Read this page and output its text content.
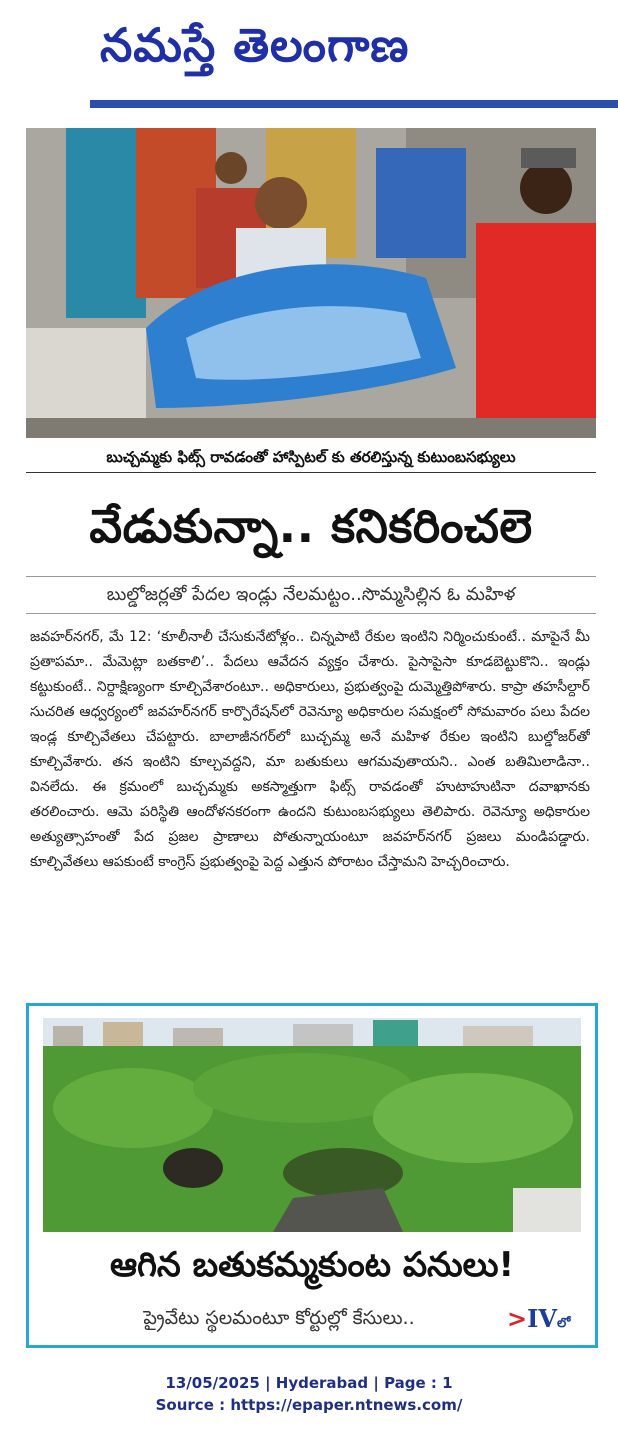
నమస్తే తెలంగాణ
బుచ్చమ్మకు ఫిట్స్ రావడంతో హాస్పిటల్ కు తరలిస్తున్న కుటుంబసభ్యులు
వేడుకున్నా.. కనికరించలె
బుల్డోజర్లతో పేదల ఇండ్లు నేలమట్టం..సొమ్మసిల్లిన ఓ మహిళ
జవహర్‌నగర్, మే 12: ‘కూలీనాలీ చేసుకునేటోళ్లం.. చిన్నపాటి రేకుల ఇంటిని నిర్మించుకుంటే.. మాపైనే మీ ప్రతాపమా.. మేమెట్లా బతకాలి’.. పేదలు ఆవేదన వ్యక్తం చేశారు. పైసాపైసా కూడబెట్టుకొని.. ఇండ్లు కట్టుకుంటే.. నిర్దాక్షిణ్యంగా కూల్చివేశారంటూ.. అధికారులు, ప్రభుత్వంపై దుమ్మెత్తిపోశారు. కాప్రా తహసీల్దార్ సుచరిత ఆధ్వర్యంలో జవహర్‌నగర్ కార్పొరేషన్‌లో రెవెన్యూ అధికారుల సమక్షంలో సోమవారం పలు పేదల ఇండ్ల కూల్చివేతలు చేపట్టారు. బాలాజీనగర్‌లో బుచ్చమ్మ అనే మహిళ రేకుల ఇంటిని బుల్డోజర్‌తో కూల్చివేశారు. తన ఇంటిని కూల్చవద్దని, మా బతుకులు ఆగమవుతాయని.. ఎంత బతిమిలాడినా.. వినలేదు. ఈ క్రమంలో బుచ్చమ్మకు అకస్మాత్తుగా ఫిట్స్ రావడంతో హుటాహుటినా దవాఖానకు తరలించారు. ఆమె పరిస్థితి ఆందోళనకరంగా ఉందని కుటుంబసభ్యులు తెలిపారు. రెవెన్యూ అధికారుల అత్యుత్సాహంతో పేద ప్రజల ప్రాణాలు పోతున్నాయంటూ జవహర్‌నగర్ ప్రజలు మండిపడ్డారు. కూల్చివేతలు ఆపకుంటే కాంగ్రెస్ ప్రభుత్వంపై పెద్ద ఎత్తున పోరాటం చేస్తామని హెచ్చరించారు.
ఆగిన బతుకమ్మకుంట పనులు!
ప్రైవేటు స్థలమంటూ కోర్టుల్లో కేసులు..	>IVలో
13/05/2025 | Hyderabad | Page : 1
Source : https://epaper.ntnews.com/
